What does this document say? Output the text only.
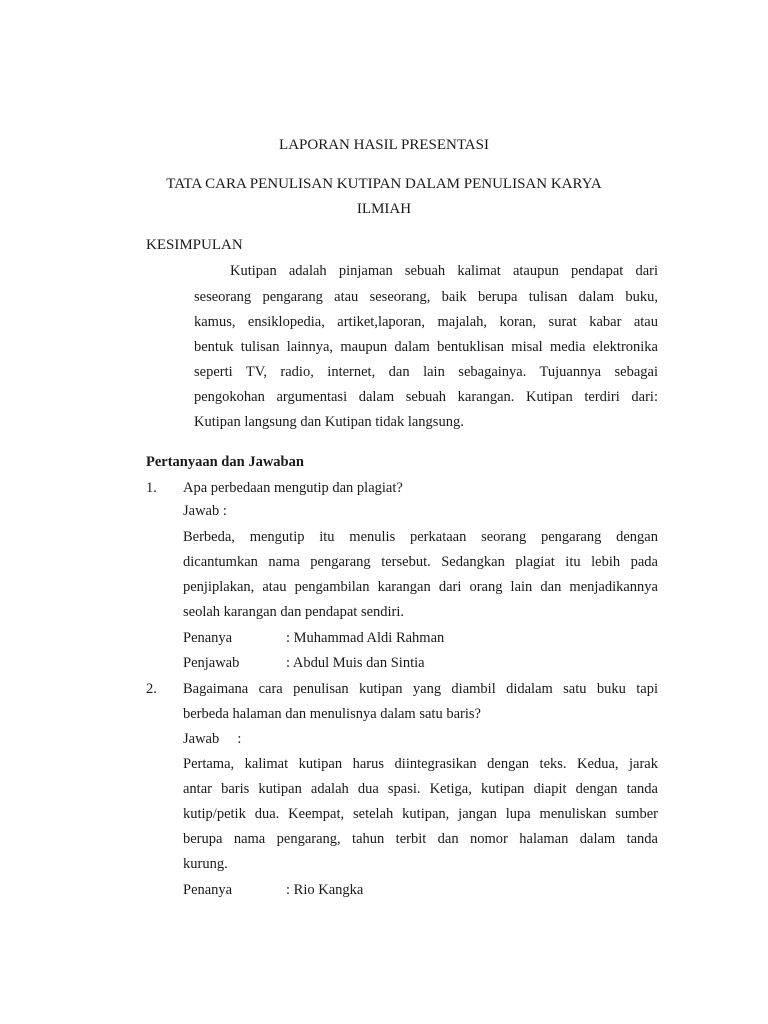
LAPORAN HASIL PRESENTASI
TATA CARA PENULISAN KUTIPAN DALAM PENULISAN KARYA
ILMIAH
KESIMPULAN
Kutipan adalah pinjaman sebuah kalimat ataupun pendapat dari
seseorang pengarang atau seseorang, baik berupa tulisan dalam buku,
kamus, ensiklopedia, artiket,laporan, majalah, koran, surat kabar atau
bentuk tulisan lainnya, maupun dalam bentuklisan misal media elektronika
seperti TV, radio, internet, dan lain sebagainya. Tujuannya sebagai
pengokohan argumentasi dalam sebuah karangan. Kutipan terdiri dari:
Kutipan langsung dan Kutipan tidak langsung.
Pertanyaan dan Jawaban
1. Apa perbedaan mengutip dan plagiat?
Jawab :
Berbeda, mengutip itu menulis perkataan seorang pengarang dengan
dicantumkan nama pengarang tersebut. Sedangkan plagiat itu lebih pada
penjiplakan, atau pengambilan karangan dari orang lain dan menjadikannya
seolah karangan dan pendapat sendiri.
Penanya	: Muhammad Aldi Rahman
Penjawab	: Abdul Muis dan Sintia
2. Bagaimana cara penulisan kutipan yang diambil didalam satu buku tapi
berbeda halaman dan menulisnya dalam satu baris?
Jawab     :
Pertama, kalimat kutipan harus diintegrasikan dengan teks. Kedua, jarak
antar baris kutipan adalah dua spasi. Ketiga, kutipan diapit dengan tanda
kutip/petik dua. Keempat, setelah kutipan, jangan lupa menuliskan sumber
berupa nama pengarang, tahun terbit dan nomor halaman dalam tanda
kurung.
Penanya	: Rio Kangka
